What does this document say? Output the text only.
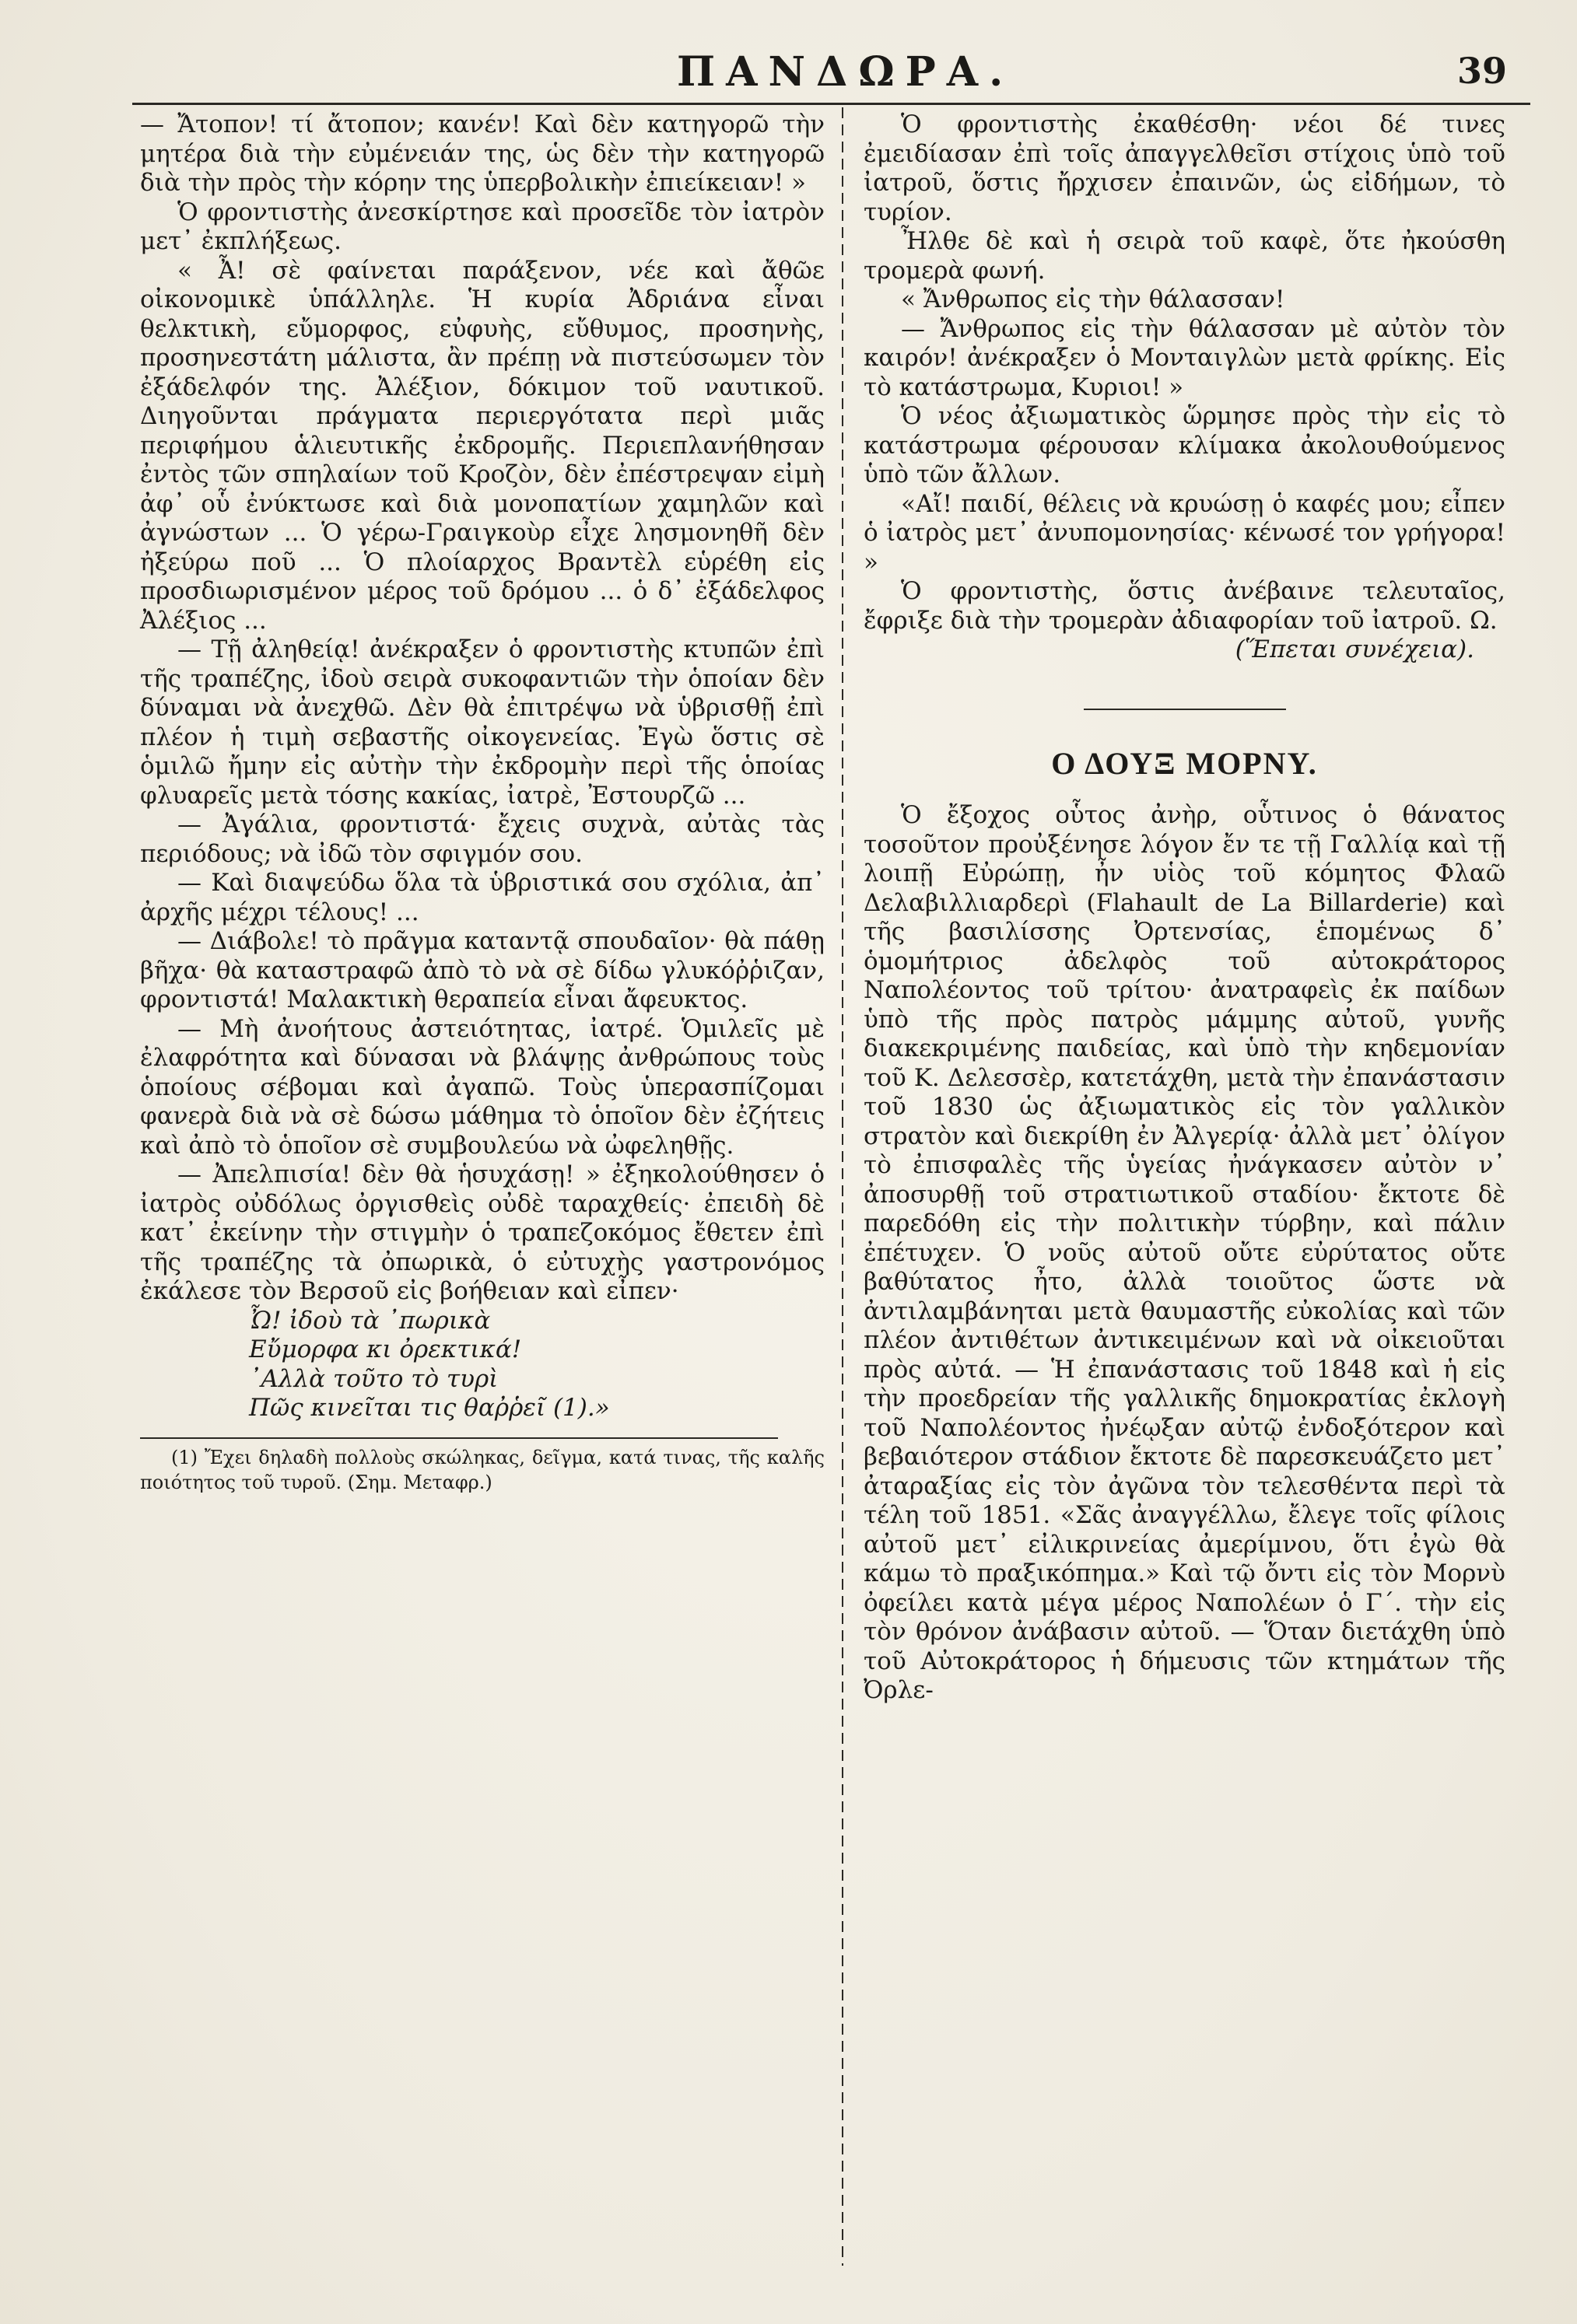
ΠΑΝΔΩΡΑ.	39

— Ἄτοπον! τί ἄτοπον; κανέν! Καὶ δὲν κατηγορῶ τὴν μητέρα διὰ τὴν εὐμένειάν της, ὡς δὲν τὴν κατηγορῶ διὰ τὴν πρὸς τὴν κόρην της ὑπερβολικὴν ἐπιείκειαν! »

Ὁ φροντιστὴς ἀνεσκίρτησε καὶ προσεῖδε τὸν ἰατρὸν μετ᾽ ἐκπλήξεως.

« Ἆ! σὲ φαίνεται παράξενον, νέε καὶ ἄθῶε οἰκονομικὲ ὑπάλληλε. Ἡ κυρία Ἀδριάνα εἶναι θελκτικὴ, εὔμορφος, εὐφυὴς, εὔθυμος, προσηνὴς, προσηνεστάτη μάλιστα, ἂν πρέπῃ νὰ πιστεύσωμεν τὸν ἐξάδελφόν της. Ἀλέξιον, δόκιμον τοῦ ναυτικοῦ. Διηγοῦνται πράγματα περιεργότατα περὶ μιᾶς περιφήμου ἁλιευτικῆς ἐκδρομῆς. Περιεπλανήθησαν ἐντὸς τῶν σπηλαίων τοῦ Κροζὸν, δὲν ἐπέστρεψαν εἰμὴ ἀφ᾽ οὗ ἐνύκτωσε καὶ διὰ μονοπατίων χαμηλῶν καὶ ἀγνώστων ... Ὁ γέρω-Γραιγκοὺρ εἶχε λησμονηθῆ δὲν ἠξεύρω ποῦ ... Ὁ πλοίαρχος Βραντὲλ εὑρέθη εἰς προσδιωρισμένον μέρος τοῦ δρόμου ... ὁ δ᾽ ἐξάδελφος Ἀλέξιος ...

— Τῇ ἀληθείᾳ! ἀνέκραξεν ὁ φροντιστὴς κτυπῶν ἐπὶ τῆς τραπέζης, ἰδοὺ σειρὰ συκοφαντιῶν τὴν ὁποίαν δὲν δύναμαι νὰ ἀνεχθῶ. Δὲν θὰ ἐπιτρέψω νὰ ὑβρισθῇ ἐπὶ πλέον ἡ τιμὴ σεβαστῆς οἰκογενείας. Ἐγὼ ὅστις σὲ ὁμιλῶ ἤμην εἰς αὐτὴν τὴν ἐκδρομὴν περὶ τῆς ὁποίας φλυαρεῖς μετὰ τόσης κακίας, ἰατρὲ, Ἐστουρζῶ ...

— Ἀγάλια, φροντιστά· ἔχεις συχνὰ, αὐτὰς τὰς περιόδους; νὰ ἰδῶ τὸν σφιγμόν σου.

— Καὶ διαψεύδω ὅλα τὰ ὑβριστικά σου σχόλια, ἀπ᾽ ἀρχῆς μέχρι τέλους! ...

— Διάβολε! τὸ πρᾶγμα καταντᾷ σπουδαῖον· θὰ πάθῃ βῆχα· θὰ καταστραφῶ ἀπὸ τὸ νὰ σὲ δίδω γλυκόῤῥιζαν, φροντιστά! Μαλακτικὴ θεραπεία εἶναι ἄφευκτος.

— Μὴ ἀνοήτους ἀστειότητας, ἰατρέ. Ὁμιλεῖς μὲ ἐλαφρότητα καὶ δύνασαι νὰ βλάψῃς ἀνθρώπους τοὺς ὁποίους σέβομαι καὶ ἀγαπῶ. Τοὺς ὑπερασπίζομαι φανερὰ διὰ νὰ σὲ δώσω μάθημα τὸ ὁποῖον δὲν ἐζήτεις καὶ ἀπὸ τὸ ὁποῖον σὲ συμβουλεύω νὰ ὠφεληθῇς.

— Ἀπελπισία! δὲν θὰ ἡσυχάσῃ! » ἐξηκολούθησεν ὁ ἰατρὸς οὐδόλως ὀργισθεὶς οὐδὲ ταραχθείς· ἐπειδὴ δὲ κατ᾽ ἐκείνην τὴν στιγμὴν ὁ τραπεζοκόμος ἔθετεν ἐπὶ τῆς τραπέζης τὰ ὀπωρικὰ, ὁ εὐτυχὴς γαστρονόμος ἐκάλεσε τὸν Βερσοῦ εἰς βοήθειαν καὶ εἶπεν·

Ὦ! ἰδοὺ τὰ ᾽πωρικὰ

Εὔμορφα κι ὀρεκτικά!

᾽Αλλὰ τοῦτο τὸ τυρὶ

Πῶς κινεῖται τις θαῤῥεῖ (1).»

(1) Ἔχει δηλαδὴ πολλοὺς σκώληκας, δεῖγμα, κατά τινας, τῆς καλῆς ποιότητος τοῦ τυροῦ. (Σημ. Μεταφρ.)

Ὁ φροντιστὴς ἐκαθέσθη· νέοι δέ τινες ἐμειδίασαν ἐπὶ τοῖς ἀπαγγελθεῖσι στίχοις ὑπὸ τοῦ ἰατροῦ, ὅστις ἤρχισεν ἐπαινῶν, ὡς εἰδήμων, τὸ τυρίον.

Ἦλθε δὲ καὶ ἡ σειρὰ τοῦ καφὲ, ὅτε ἠκούσθη τρομερὰ φωνή.

« Ἄνθρωπος εἰς τὴν θάλασσαν!

— Ἄνθρωπος εἰς τὴν θάλασσαν μὲ αὐτὸν τὸν καιρόν! ἀνέκραξεν ὁ Μονταιγλὼν μετὰ φρίκης. Εἰς τὸ κατάστρωμα, Κυριοι! »

Ὁ νέος ἀξιωματικὸς ὥρμησε πρὸς τὴν εἰς τὸ κατάστρωμα φέρουσαν κλίμακα ἀκολουθούμενος ὑπὸ τῶν ἄλλων.

«Αἴ! παιδί, θέλεις νὰ κρυώσῃ ὁ καφές μου; εἶπεν ὁ ἰατρὸς μετ᾽ ἀνυπομονησίας· κένωσέ τον γρήγορα! »

Ὁ φροντιστὴς, ὅστις ἀνέβαινε τελευταῖος, ἔφριξε διὰ τὴν τρομερὰν ἀδιαφορίαν τοῦ ἰατροῦ. Ω.

(Ἕπεται συνέχεια).

Ο ΔΟΥΞ ΜΟΡΝΥ.

Ὁ ἔξοχος οὗτος ἀνὴρ, οὗτινος ὁ θάνατος τοσοῦτον προὐξένησε λόγον ἔν τε τῇ Γαλλίᾳ καὶ τῇ λοιπῇ Εὐρώπῃ, ἦν υἱὸς τοῦ κόμητος Φλαῶ Δελαβιλλιαρδερὶ (Flahault de La Billarderie) καὶ τῆς βασιλίσσης Ὀρτενσίας, ἑπομένως δ᾽ ὁμομήτριος ἀδελφὸς τοῦ αὐτοκράτορος Ναπολέοντος τοῦ τρίτου· ἀνατραφεὶς ἐκ παίδων ὑπὸ τῆς πρὸς πατρὸς μάμμης αὐτοῦ, γυνῆς διακεκριμένης παιδείας, καὶ ὑπὸ τὴν κηδεμονίαν τοῦ Κ. Δελεσσὲρ, κατετάχθη, μετὰ τὴν ἐπανάστασιν τοῦ 1830 ὡς ἀξιωματικὸς εἰς τὸν γαλλικὸν στρατὸν καὶ διεκρίθη ἐν Ἀλγερίᾳ· ἀλλὰ μετ᾽ ὀλίγον τὸ ἐπισφαλὲς τῆς ὑγείας ἠνάγκασεν αὐτὸν ν᾽ ἀποσυρθῇ τοῦ στρατιωτικοῦ σταδίου· ἔκτοτε δὲ παρεδόθη εἰς τὴν πολιτικὴν τύρβην, καὶ πάλιν ἐπέτυχεν. Ὁ νοῦς αὐτοῦ οὔτε εὐρύτατος οὔτε βαθύτατος ἦτο, ἀλλὰ τοιοῦτος ὥστε νὰ ἀντιλαμβάνηται μετὰ θαυμαστῆς εὐκολίας καὶ τῶν πλέον ἀντιθέτων ἀντικειμένων καὶ νὰ οἰκειοῦται πρὸς αὐτά. — Ἡ ἐπανάστασις τοῦ 1848 καὶ ἡ εἰς τὴν προεδρείαν τῆς γαλλικῆς δημοκρατίας ἐκλογὴ τοῦ Ναπολέοντος ἠνέῳξαν αὐτῷ ἐνδοξότερον καὶ βεβαιότερον στάδιον ἔκτοτε δὲ παρεσκευάζετο μετ᾽ ἀταραξίας εἰς τὸν ἀγῶνα τὸν τελεσθέντα περὶ τὰ τέλη τοῦ 1851. «Σᾶς ἀναγγέλλω, ἔλεγε τοῖς φίλοις αὐτοῦ μετ᾽ εἰλικρινείας ἀμερίμνου, ὅτι ἐγὼ θὰ κάμω τὸ πραξικόπημα.» Καὶ τῷ ὄντι εἰς τὸν Μορνὺ ὀφείλει κατὰ μέγα μέρος Ναπολέων ὁ Γ΄. τὴν εἰς τὸν θρόνον ἀνάβασιν αὐτοῦ. — Ὅταν διετάχθη ὑπὸ τοῦ Αὐτοκράτορος ἡ δήμευσις τῶν κτημάτων τῆς Ὀρλε-
